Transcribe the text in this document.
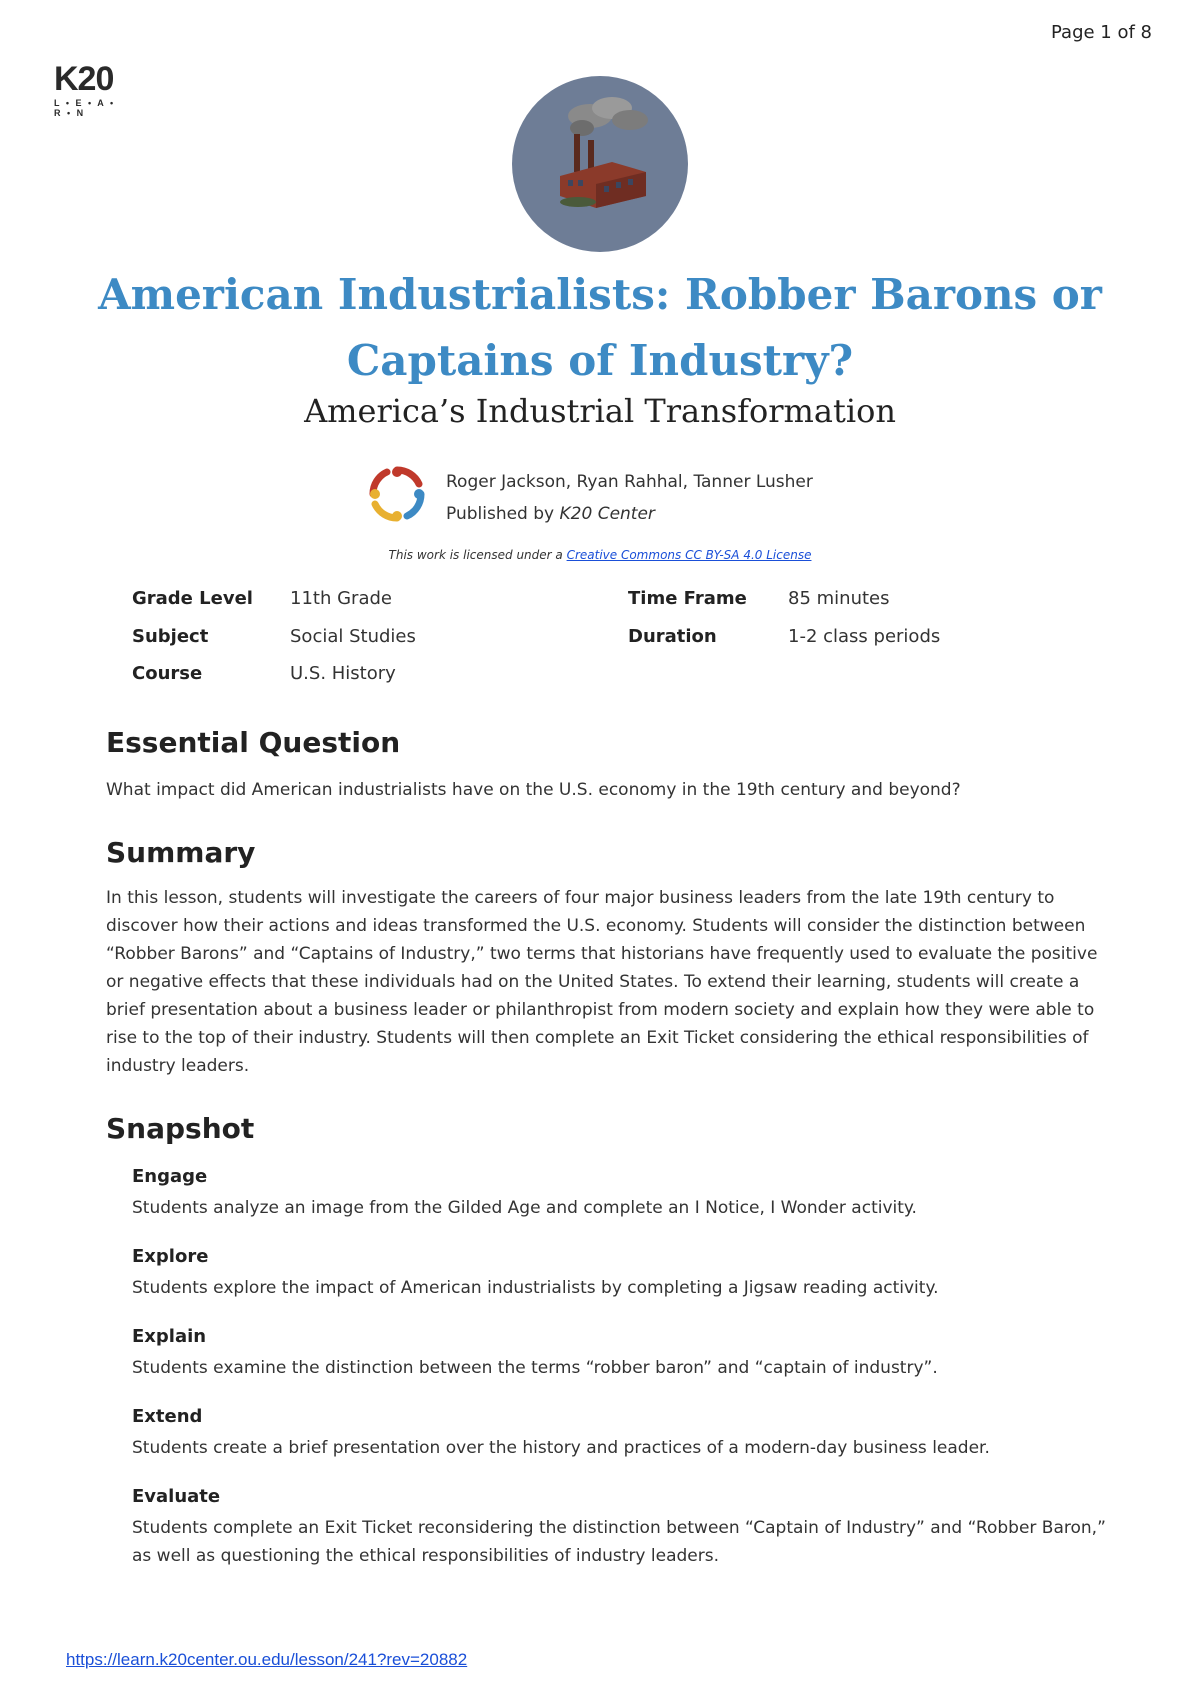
Page 1 of 8
K20
L • E • A • R • N
American Industrialists: Robber Barons or Captains of Industry?
America’s Industrial Transformation
Roger Jackson, Ryan Rahhal, Tanner Lusher
Published by K20 Center
This work is licensed under a Creative Commons CC BY-SA 4.0 License
Grade Level 11th Grade	Time Frame 85 minutes
Subject	Social Studies	Duration	1-2 class periods
Course	U.S. History
Essential Question

What impact did American industrialists have on the U.S. economy in the 19th century and beyond?

Summary

In this lesson, students will investigate the careers of four major business leaders from the late 19th century to discover how their actions and ideas transformed the U.S. economy. Students will consider the distinction between “Robber Barons” and “Captains of Industry,” two terms that historians have frequently used to evaluate the positive or negative effects that these individuals had on the United States. To extend their learning, students will create a brief presentation about a business leader or philanthropist from modern society and explain how they were able to rise to the top of their industry. Students will then complete an Exit Ticket considering the ethical responsibilities of industry leaders.

Snapshot
Engage
Students analyze an image from the Gilded Age and complete an I Notice, I Wonder activity.
Explore
Students explore the impact of American industrialists by completing a Jigsaw reading activity.
Explain
Students examine the distinction between the terms “robber baron” and “captain of industry”.
Extend
Students create a brief presentation over the history and practices of a modern-day business leader.
Evaluate
Students complete an Exit Ticket reconsidering the distinction between “Captain of Industry” and “Robber Baron,” as well as questioning the ethical responsibilities of industry leaders.
https://learn.k20center.ou.edu/lesson/241?rev=20882
